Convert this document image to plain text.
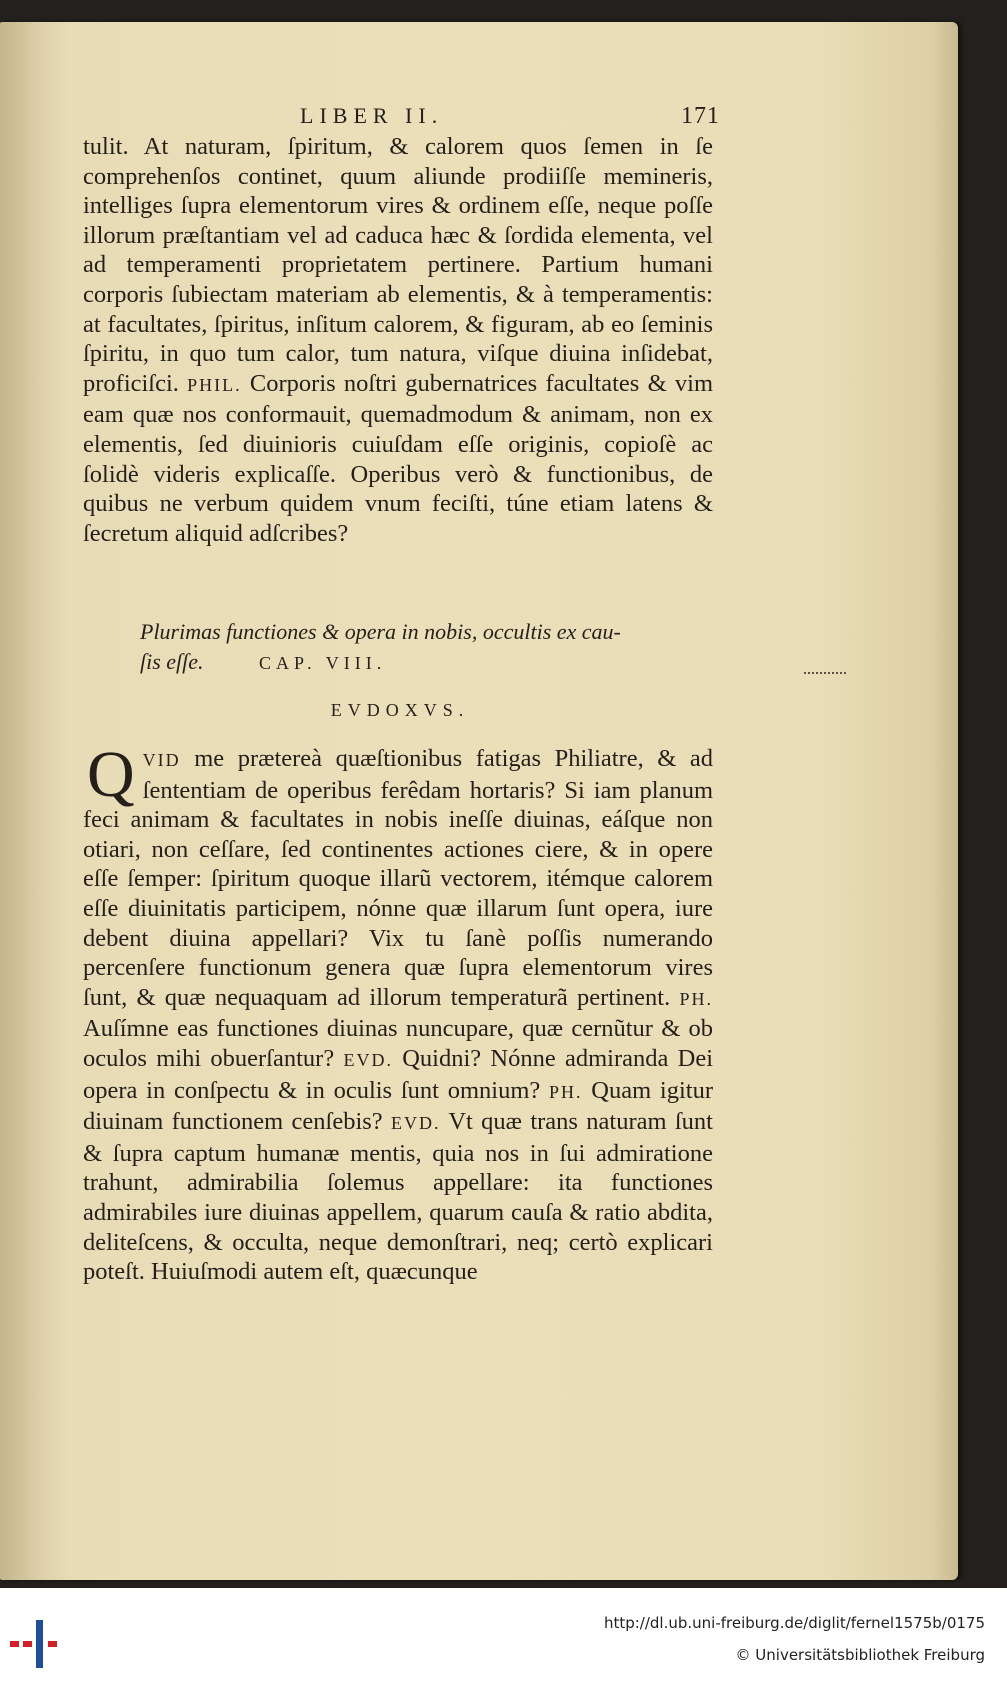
LIBER II.	171

tulit. At naturam, ſpiritum, & calorem quos ſemen in ſe comprehenſos continet, quum aliunde prodiiſſe memineris, intelliges ſupra elementorum vires & ordinem eſſe, neque poſſe illorum præſtantiam vel ad caduca hæc & ſordida elementa, vel ad temperamenti proprietatem pertinere. Partium humani corporis ſubiectam materiam ab elementis, & à temperamentis: at facultates, ſpiritus, inſitum calorem, & figuram, ab eo ſeminis ſpiritu, in quo tum calor, tum natura, viſque diuina inſidebat, proficiſci. PHIL. Corporis noſtri gubernatrices facultates & vim eam quæ nos conformauit, quemadmodum & animam, non ex elementis, ſed diuinioris cuiuſdam eſſe originis, copioſè ac ſolidè videris explicaſſe. Operibus verò & functionibus, de quibus ne verbum quidem vnum feciſti, túne etiam latens & ſecretum aliquid adſcribes?

Plurimas functiones & opera in nobis, occultis ex cau-
ſis eſſe.	CAP. VIII.
EVDOXVS.

Q VID me prætereà quæſtionibus fatigas Philiatre, & ad ſententiam de operibus ferêdam hortaris? Si iam planum feci animam & facultates in nobis ineſſe diuinas, eáſque non otiari, non ceſſare, ſed continentes actiones ciere, & in opere eſſe ſemper: ſpiritum quoque illarũ vectorem, itémque calorem eſſe diuinitatis participem, nónne quæ illarum ſunt opera, iure debent diuina appellari? Vix tu ſanè poſſis numerando percenſere functionum genera quæ ſupra elementorum vires ſunt, & quæ nequaquam ad illorum temperaturã pertinent. PH. Auſímne eas functiones diuinas nuncupare, quæ cernũtur & ob oculos mihi obuerſantur? EVD. Quidni? Nónne admiranda Dei opera in conſpectu & in oculis ſunt omnium? PH. Quam igitur diuinam functionem cenſebis? EVD. Vt quæ trans naturam ſunt & ſupra captum humanæ mentis, quia nos in ſui admiratione trahunt, admirabilia ſolemus appellare: ita functiones admirabiles iure diuinas appellem, quarum cauſa & ratio abdita, deliteſcens, & occulta, neque demonſtrari, neq; certò explicari poteſt. Huiuſmodi autem eſt, quæcunque

http://dl.ub.uni-freiburg.de/diglit/fernel1575b/0175
© Universitätsbibliothek Freiburg
